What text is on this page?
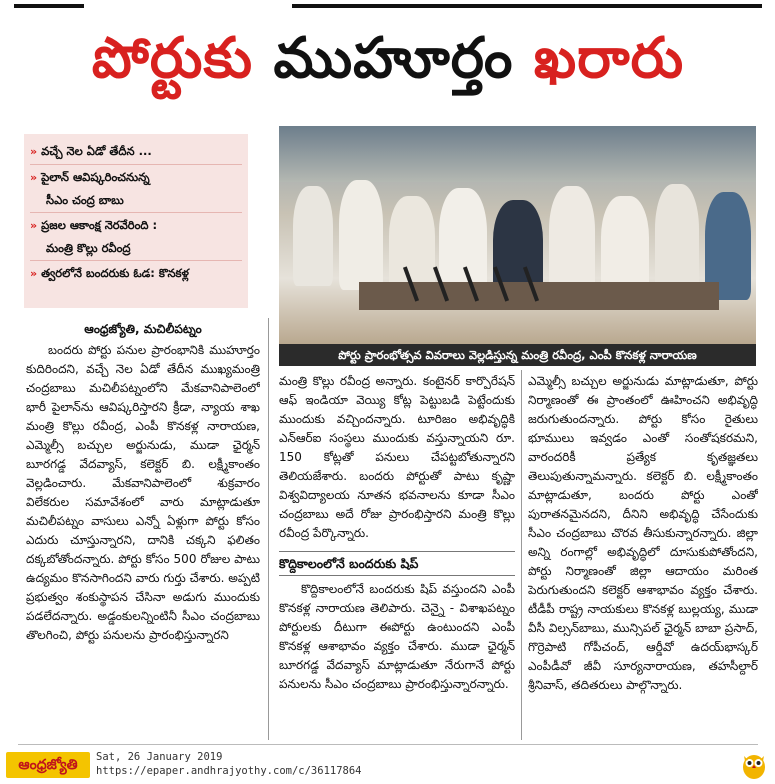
పోర్టుకు ముహూర్తం ఖరారు
» వచ్చే నెల ఏడో తేదీన ...
» పైలాన్ ఆవిష్కరించనున్న
సీఎం చంద్ర బాబు
» ప్రజల ఆకాంక్ష నెరవేరింది :
మంత్రి కొల్లు రవీంద్ర
» త్వరలోనే బందరుకు ఓడ: కొనకళ్ల
పోర్టు ప్రారంభోత్సవ వివరాలు వెల్లడిస్తున్న మంత్రి రవీంద్ర, ఎంపీ కొనకళ్ల నారాయణ
ఆంధ్రజ్యోతి, మచిలీపట్నం

బందరు పోర్టు పనుల ప్రారంభానికి ముహూర్తం కుదిరిందని, వచ్చే నెల ఏడో తేదీన ముఖ్యమంత్రి చంద్రబాబు మచిలీపట్నంలోని మేకవానిపాలెంలో భారీ పైలాన్‌ను ఆవిష్కరిస్తారని క్రీడా, న్యాయ శాఖ మంత్రి కొల్లు రవీంద్ర, ఎంపీ కొనకళ్ల నారాయణ, ఎమ్మెల్సీ బచ్చుల అర్జునుడు, ముడా ఛైర్మన్ బూరగడ్డ వేదవ్యాస్, కలెక్టర్ బి. లక్ష్మీకాంతం వెల్లడించారు. మేకవానిపాలెంలో శుక్రవారం విలేకరుల సమావేశంలో వారు మాట్లాడుతూ మచిలీపట్నం వాసులు ఎన్నో ఏళ్లుగా పోర్టు కోసం ఎదురు చూస్తున్నారని, దానికి చక్కని ఫలితం దక్కబోతోందన్నారు. పోర్టు కోసం 500 రోజుల పాటు ఉద్యమం కొనసాగిందని వారు గుర్తు చేశారు. అప్పటి ప్రభుత్వం శంకుస్థాపన చేసినా అడుగు ముందుకు పడలేదన్నారు. అడ్డంకులన్నింటినీ సీఎం చంద్రబాబు తొలగించి, పోర్టు పనులను ప్రారంభిస్తున్నారని

మంత్రి కొల్లు రవీంద్ర అన్నారు. కంటైనర్ కార్పొరేషన్ ఆఫ్ ఇండియా వెయ్యి కోట్ల పెట్టుబడి పెట్టేందుకు ముందుకు వచ్చిందన్నారు. టూరిజం అభివృద్ధికి ఎన్ఆర్ఐ సంస్థలు ముందుకు వస్తున్నాయని రూ. 150 కోట్లతో పనులు చేపట్టబోతున్నారని తెలియజేశారు. బందరు పోర్టుతో పాటు కృష్ణా విశ్వవిద్యాలయ నూతన భవనాలను కూడా సీఎం చంద్రబాబు అదే రోజు ప్రారంభిస్తారని మంత్రి కొల్లు రవీంద్ర పేర్కొన్నారు.

కొద్దికాలంలోనే బందరుకు షిప్

కొద్దికాలంలోనే బందరుకు షిప్ వస్తుందని ఎంపీ కొనకళ్ల నారాయణ తెలిపారు. చెన్నై - విశాఖపట్నం పోర్టులకు దీటుగా ఈపోర్టు ఉంటుందని ఎంపీ కొనకళ్ల ఆశాభావం వ్యక్తం చేశారు. ముడా ఛైర్మన్ బూరగడ్డ వేదవ్యాస్ మాట్లాడుతూ నేరుగానే పోర్టు పనులను సీఎం చంద్రబాబు ప్రారంభిస్తున్నారన్నారు.

ఎమ్మెల్సీ బచ్చుల అర్జునుడు మాట్లాడుతూ, పోర్టు నిర్మాణంతో ఈ ప్రాంతంలో ఊహించని అభివృద్ధి జరుగుతుందన్నారు. పోర్టు కోసం రైతులు భూములు ఇవ్వడం ఎంతో సంతోషకరమని, వారందరికీ ప్రత్యేక కృతజ్ఞతలు తెలుపుతున్నామన్నారు. కలెక్టర్ బి. లక్ష్మీకాంతం మాట్లాడుతూ, బందరు పోర్టు ఎంతో పురాతనమైనదని, దీనిని అభివృద్ధి చేసేందుకు సీఎం చంద్రబాబు చొరవ తీసుకున్నారన్నారు. జిల్లా అన్ని రంగాల్లో అభివృద్ధిలో దూసుకుపోతోందని, పోర్టు నిర్మాణంతో జిల్లా ఆదాయం మరింత పెరుగుతుందని కలెక్టర్ ఆశాభావం వ్యక్తం చేశారు. టీడీపీ రాష్ట్ర నాయకులు కొనకళ్ల బుల్లయ్య, ముడా వీసీ విల్సన్‌బాబు, మున్సిపల్ ఛైర్మన్ బాబా ప్రసాద్, గొర్రెపాటి గోపీచంద్, ఆర్డీవో ఉదయ్‌భాస్కర్ ఎంపీడీవో జీవీ సూర్యనారాయణ, తహసీల్దార్ శ్రీనివాస్, తదితరులు పాల్గొన్నారు.

ఆంధ్రజ్యోతి	Sat, 26 January 2019
https://epaper.andhrajyothy.com/c/36117864
